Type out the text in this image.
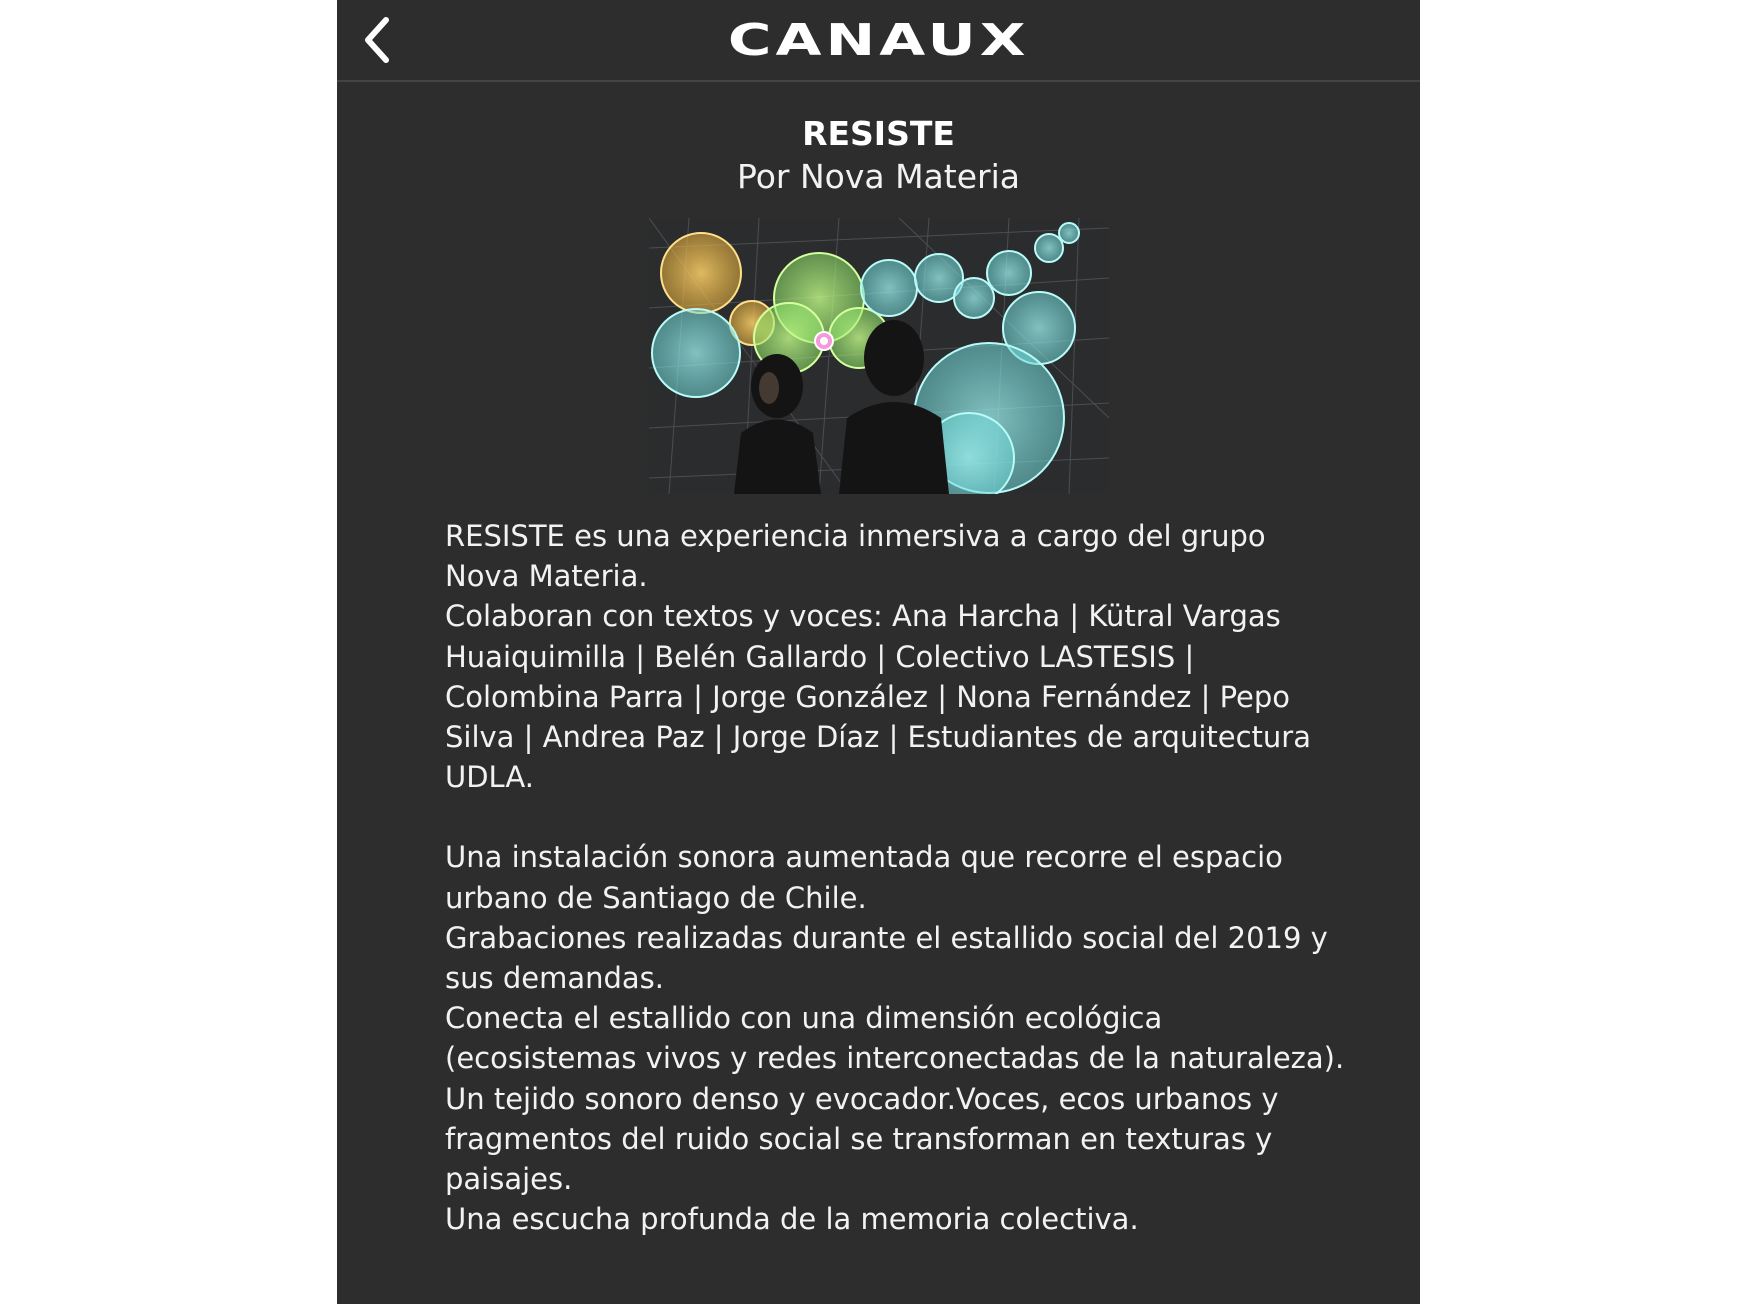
CANAUX
RESISTE
Por Nova Materia

RESISTE es una experiencia inmersiva a cargo del grupo Nova Materia.

Colaboran con textos y voces: Ana Harcha | Kütral Vargas Huaiquimilla | Belén Gallardo | Colectivo LASTESIS | Colombina Parra | Jorge González | Nona Fernández | Pepo Silva | Andrea Paz | Jorge Díaz | Estudiantes de arquitectura UDLA.

Una instalación sonora aumentada que recorre el espacio urbano de Santiago de Chile.

Grabaciones realizadas durante el estallido social del 2019 y sus demandas.

Conecta el estallido con una dimensión ecológica (ecosistemas vivos y redes interconectadas de la naturaleza).

Un tejido sonoro denso y evocador.Voces, ecos urbanos y fragmentos del ruido social se transforman en texturas y paisajes.

Una escucha profunda de la memoria colectiva.
